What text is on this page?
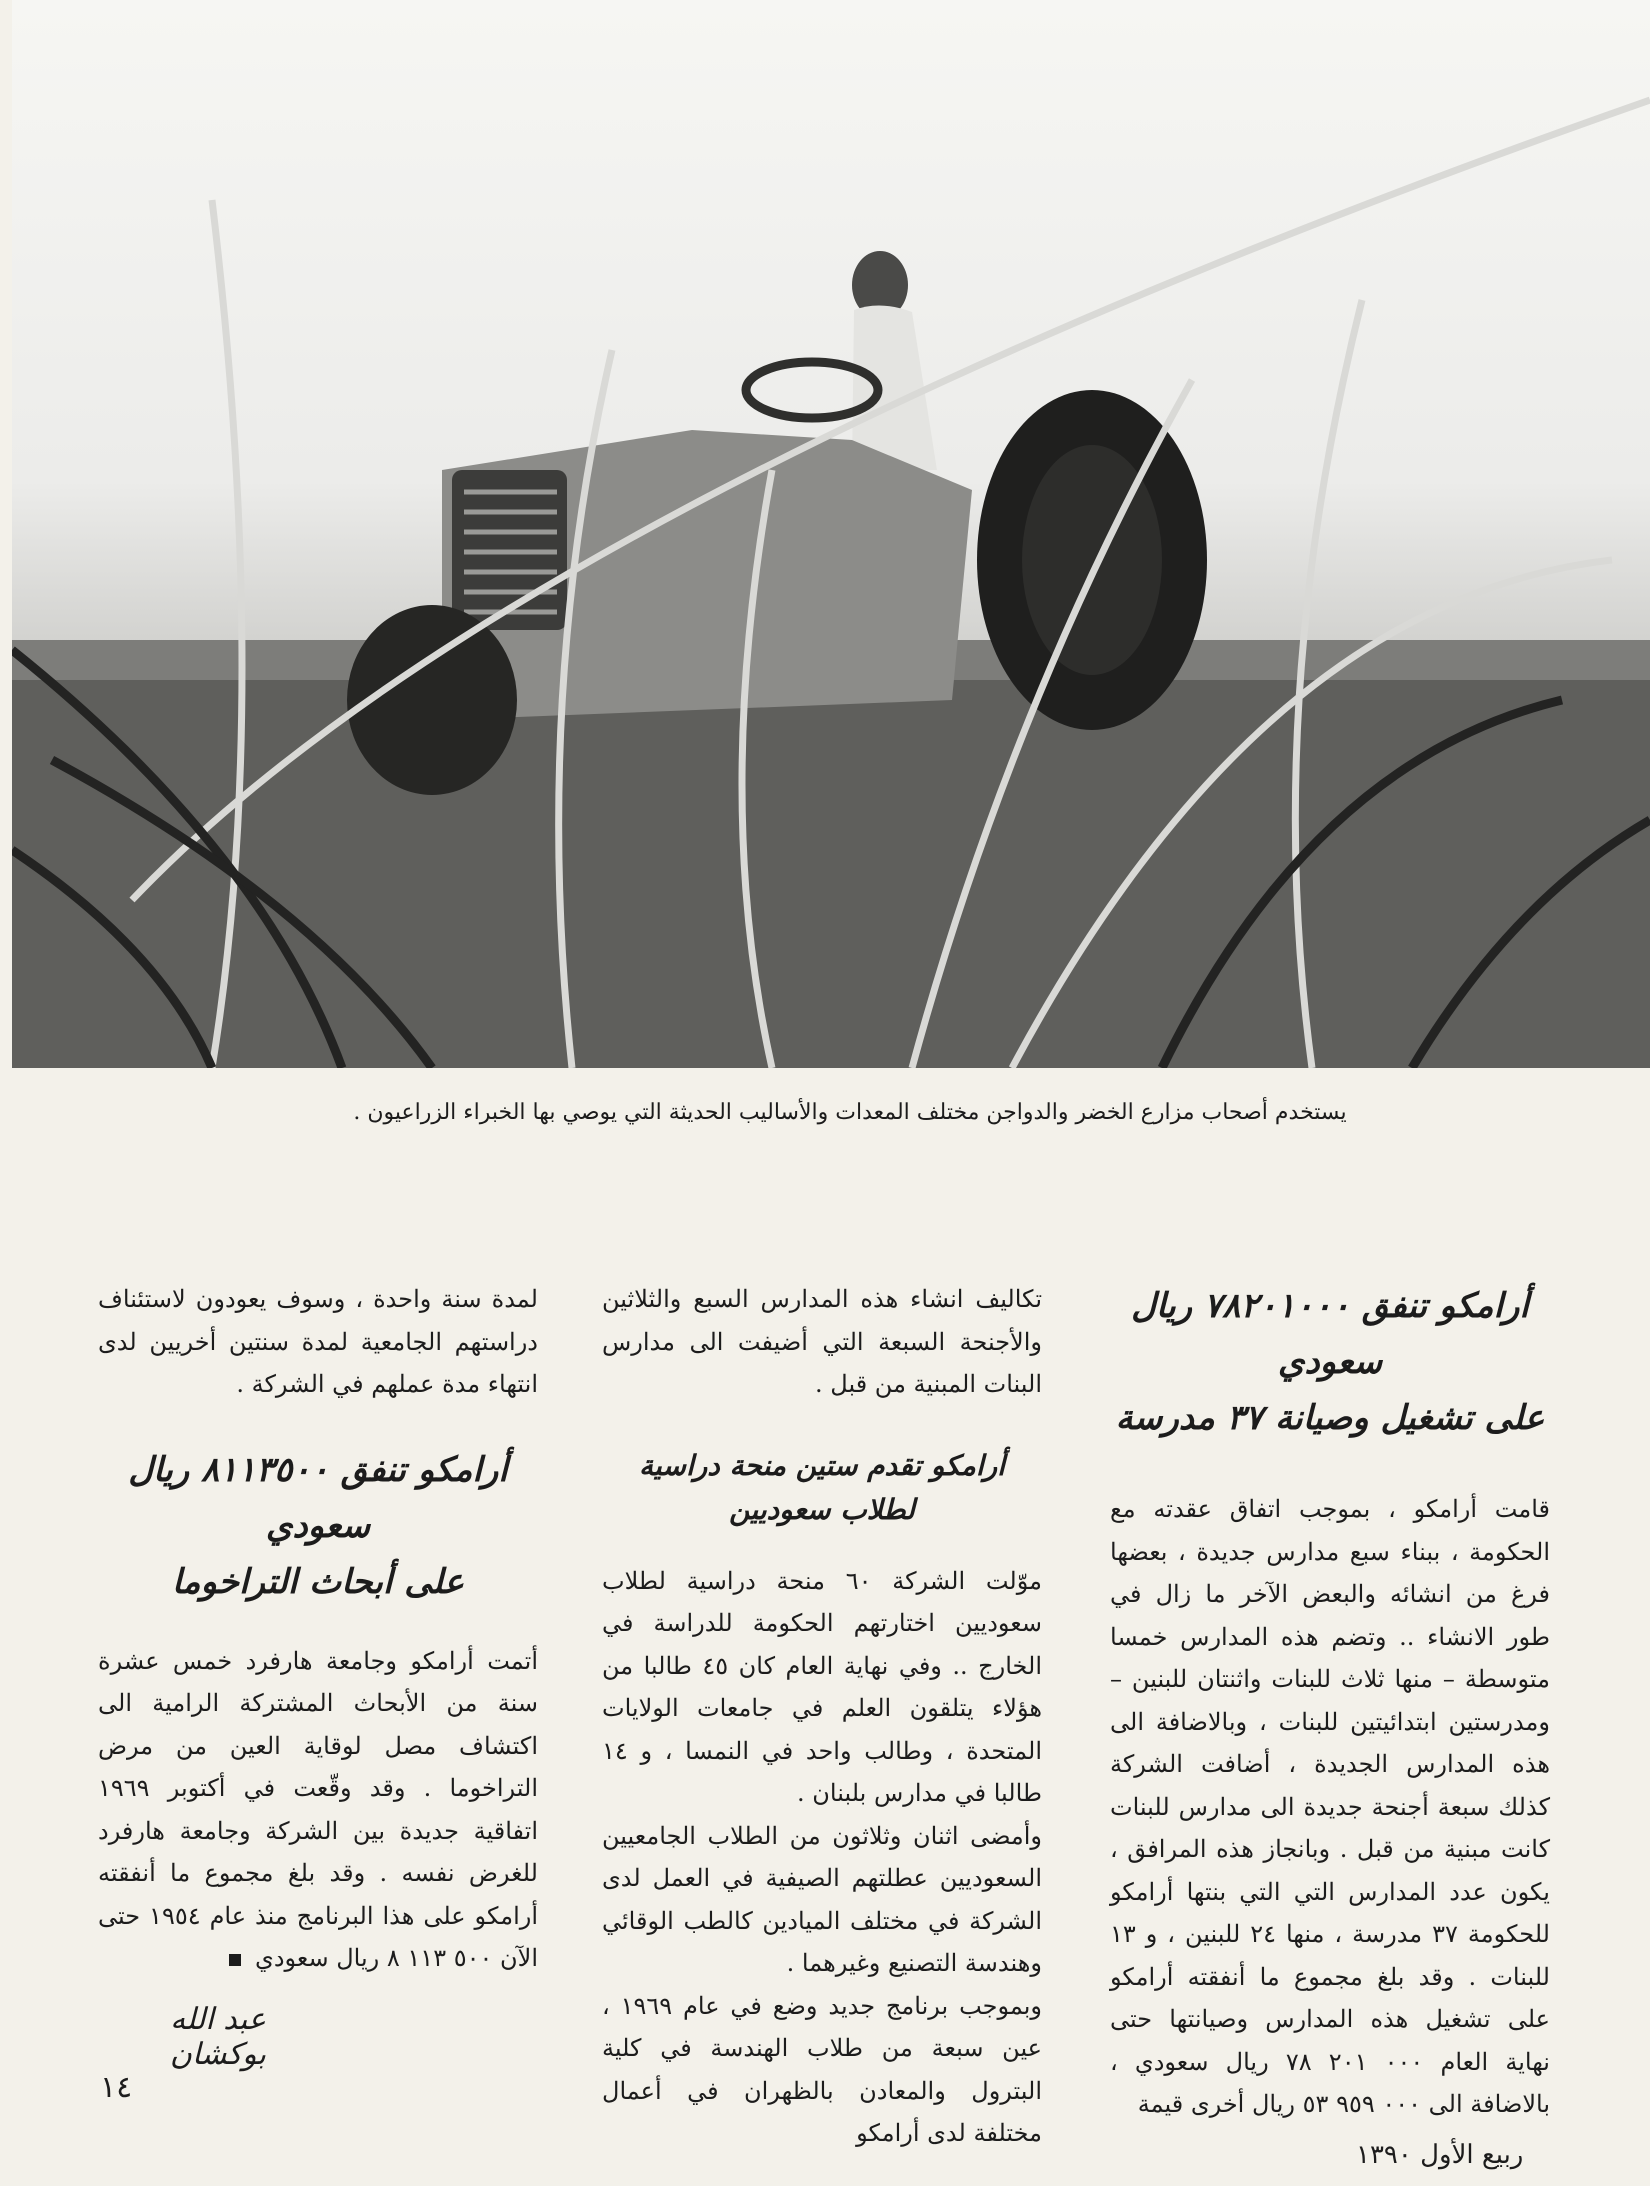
يستخدم أصحاب مزارع الخضر والدواجن مختلف المعدات والأساليب الحديثة التي يوصي بها الخبراء الزراعيون .
أرامكو تنفق ٧٨٢٠١٠٠٠ ريال سعودي
على تشغيل وصيانة ٣٧ مدرسة

قامت أرامكو ، بموجب اتفاق عقدته مع الحكومة ، ببناء سبع مدارس جديدة ، بعضها فرغ من انشائه والبعض الآخر ما زال في طور الانشاء .. وتضم هذه المدارس خمسا متوسطة – منها ثلاث للبنات واثنتان للبنين – ومدرستين ابتدائيتين للبنات ، وبالاضافة الى هذه المدارس الجديدة ، أضافت الشركة كذلك سبعة أجنحة جديدة الى مدارس للبنات كانت مبنية من قبل . وبانجاز هذه المرافق ، يكون عدد المدارس التي التي بنتها أرامكو للحكومة ٣٧ مدرسة ، منها ٢٤ للبنين ، و ١٣ للبنات . وقد بلغ مجموع ما أنفقته أرامكو على تشغيل هذه المدارس وصيانتها حتى نهاية العام ٠٠٠ ٢٠١ ٧٨ ريال سعودي ، بالاضافة الى ٠٠٠ ٩٥٩ ٥٣ ريال أخرى قيمة

تكاليف انشاء هذه المدارس السبع والثلاثين والأجنحة السبعة التي أضيفت الى مدارس البنات المبنية من قبل .

أرامكو تقدم ستين منحة دراسية لطلاب سعوديين

موّلت الشركة ٦٠ منحة دراسية لطلاب سعوديين اختارتهم الحكومة للدراسة في الخارج .. وفي نهاية العام كان ٤٥ طالبا من هؤلاء يتلقون العلم في جامعات الولايات المتحدة ، وطالب واحد في النمسا ، و ١٤ طالبا في مدارس بلبنان .

وأمضى اثنان وثلاثون من الطلاب الجامعيين السعوديين عطلتهم الصيفية في العمل لدى الشركة في مختلف الميادين كالطب الوقائي وهندسة التصنيع وغيرهما .

وبموجب برنامج جديد وضع في عام ١٩٦٩ ، عين سبعة من طلاب الهندسة في كلية البترول والمعادن بالظهران في أعمال مختلفة لدى أرامكو

لمدة سنة واحدة ، وسوف يعودون لاستئناف دراستهم الجامعية لمدة سنتين أخريين لدى انتهاء مدة عملهم في الشركة .

أرامكو تنفق ٨١١٣٥٠٠ ريال سعودي
على أبحاث التراخوما

أتمت أرامكو وجامعة هارفرد خمس عشرة سنة من الأبحاث المشتركة الرامية الى اكتشاف مصل لوقاية العين من مرض التراخوما . وقد وقّعت في أكتوبر ١٩٦٩ اتفاقية جديدة بين الشركة وجامعة هارفرد للغرض نفسه . وقد بلغ مجموع ما أنفقته أرامكو على هذا البرنامج منذ عام ١٩٥٤ حتى الآن ٥٠٠ ١١٣ ٨ ريال سعودي

عبد الله بوكشان
١٤
ربيع الأول ١٣٩٠
